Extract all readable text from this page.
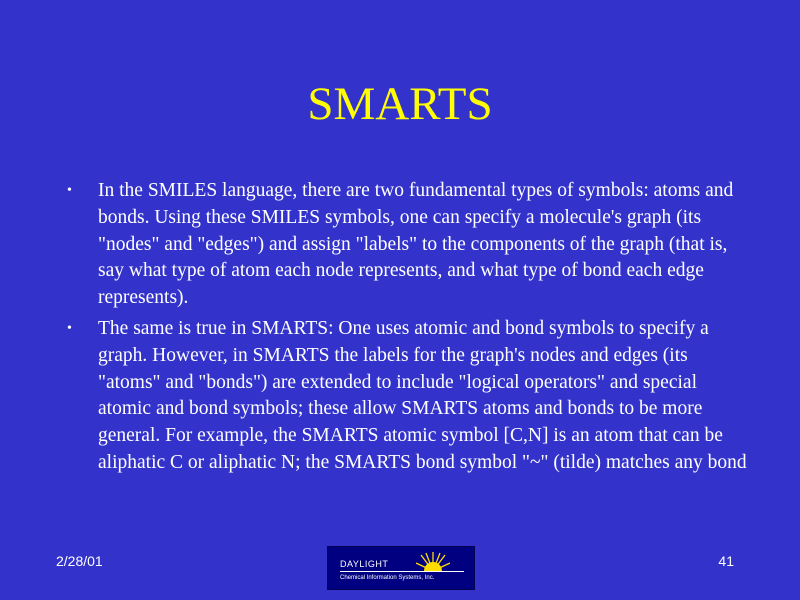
SMARTS
• In the SMILES language, there are two fundamental types of symbols: atoms and bonds. Using these SMILES symbols, one can specify a molecule's graph (its "nodes" and "edges") and assign "labels" to the components of the graph (that is, say what type of atom each node represents, and what type of bond each edge represents).
• The same is true in SMARTS: One uses atomic and bond symbols to specify a graph. However, in SMARTS the labels for the graph's nodes and edges (its "atoms" and "bonds") are extended to include "logical operators" and special atomic and bond symbols; these allow SMARTS atoms and bonds to be more general. For example, the SMARTS atomic symbol [C,N] is an atom that can be aliphatic C or aliphatic N; the SMARTS bond symbol "~" (tilde) matches any bond
2/28/01	DAYLIGHT
Chemical Information Systems, Inc.
41
